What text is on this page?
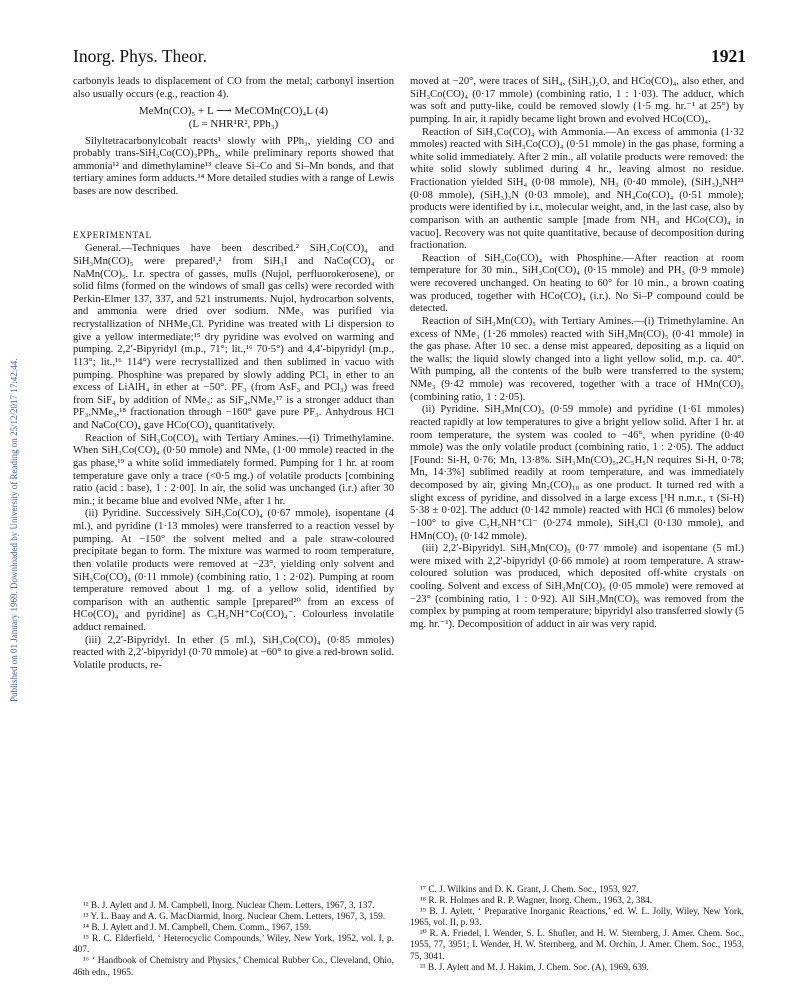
Published on 01 January 1969. Downloaded by University of Reading on 25/12/2017 17:42:44.
Inorg. Phys. Theor.	1921

carbonyls leads to displacement of CO from the metal; carbonyl insertion also usually occurs (e.g., reaction 4).

MeMn(CO)₅ + L ⟶ MeCOMn(CO)₄L (4)

(L = NHR¹R², PPh₃)

Silyltetracarbonylcobalt reacts¹ slowly with PPh₃, yielding CO and probably trans-SiH₃Co(CO)₃PPh₃, while preliminary reports showed that ammonia¹² and dimethylamine¹³ cleave Si–Co and Si–Mn bonds, and that tertiary amines form adducts.¹⁴ More detailed studies with a range of Lewis bases are now described.

EXPERIMENTAL

General.—Techniques have been described.² SiH₃Co(CO)₄ and SiH₃Mn(CO)₅ were prepared¹,² from SiH₃I and NaCo(CO)₄ or NaMn(CO)₅. I.r. spectra of gasses, mulls (Nujol, perfluorokerosene), or solid films (formed on the windows of small gas cells) were recorded with Perkin-Elmer 137, 337, and 521 instruments. Nujol, hydrocarbon solvents, and ammonia were dried over sodium. NMe₃ was purified via recrystallization of NHMe₃Cl. Pyridine was treated with Li dispersion to give a yellow intermediate;¹⁵ dry pyridine was evolved on warming and pumping. 2,2′-Bipyridyl (m.p., 71°; lit.,¹⁶ 70·5°) and 4,4′-bipyridyl (m.p., 113°; lit.,¹⁶ 114°) were recrystallized and then sublimed in vacuo with pumping. Phosphine was prepared by slowly adding PCl₃ in ether to an excess of LiAlH₄ in ether at −50°. PF₃ (from AsF₃ and PCl₃) was freed from SiF₄ by addition of NMe₃: as SiF₄,NMe₃¹⁷ is a stronger adduct than PF₃,NMe₃,¹⁸ fractionation through −160° gave pure PF₃. Anhydrous HCl and NaCo(CO)₄ gave HCo(CO)₄ quantitatively.

Reaction of SiH₃Co(CO)₄ with Tertiary Amines.—(i) Trimethylamine. When SiH₃Co(CO)₄ (0·50 mmole) and NMe₃ (1·00 mmole) reacted in the gas phase,¹⁹ a white solid immediately formed. Pumping for 1 hr. at room temperature gave only a trace (<0·5 mg.) of volatile products [combining ratio (acid : base), 1 : 2·00]. In air, the solid was unchanged (i.r.) after 30 min.; it became blue and evolved NMe₃ after 1 hr.

(ii) Pyridine. Successively SiH₃Co(CO)₄ (0·67 mmole), isopentane (4 ml.), and pyridine (1·13 mmoles) were transferred to a reaction vessel by pumping. At −150° the solvent melted and a pale straw-coloured precipitate began to form. The mixture was warmed to room temperature, then volatile products were removed at −23°, yielding only solvent and SiH₃Co(CO)₄ (0·11 mmole) (combining ratio, 1 : 2·02). Pumping at room temperature removed about 1 mg. of a yellow solid, identified by comparison with an authentic sample [prepared²⁰ from an excess of HCo(CO)₄ and pyridine] as C₅H₅NH⁺Co(CO)₄⁻. Colourless involatile adduct remained.

(iii) 2,2′-Bipyridyl. In ether (5 ml.), SiH₃Co(CO)₄ (0·85 mmoles) reacted with 2,2′-bipyridyl (0·70 mmole) at −60° to give a red-brown solid. Volatile products, re-

¹² B. J. Aylett and J. M. Campbell, Inorg. Nuclear Chem. Letters, 1967, 3, 137.

¹³ Y. L. Baay and A. G. MacDiarmid, Inorg. Nuclear Chem. Letters, 1967, 3, 159.

¹⁴ B. J. Aylett and J. M. Campbell, Chem. Comm., 1967, 159.

¹⁵ R. C. Elderfield, ‘ Heterocyclic Compounds,’ Wiley, New York, 1952, vol. I, p. 407.

¹⁶ ‘ Handbook of Chemistry and Physics,’ Chemical Rubber Co., Cleveland, Ohio, 46th edn., 1965.

moved at −20°, were traces of SiH₄, (SiH₃)₂O, and HCo(CO)₄, also ether, and SiH₃Co(CO)₄ (0·17 mmole) (combining ratio, 1 : 1·03). The adduct, which was soft and putty-like, could be removed slowly (1·5 mg. hr.⁻¹ at 25°) by pumping. In air, it rapidly became light brown and evolved HCo(CO)₄.

Reaction of SiH₃Co(CO)₄ with Ammonia.—An excess of ammonia (1·32 mmoles) reacted with SiH₃Co(CO)₄ (0·51 mmole) in the gas phase, forming a white solid immediately. After 2 min., all volatile products were removed: the white solid slowly sublimed during 4 hr., leaving almost no residue. Fractionation yielded SiH₄ (0·08 mmole), NH₃ (0·40 mmole), (SiH₃)₂NH²¹ (0·08 mmole), (SiH₃)₃N (0·03 mmole), and NH₄Co(CO)₄ (0·51 mmole); products were identified by i.r., molecular weight, and, in the last case, also by comparison with an authentic sample [made from NH₃ and HCo(CO)₄ in vacuo]. Recovery was not quite quantitative, because of decomposition during fractionation.

Reaction of SiH₃Co(CO)₄ with Phosphine.—After reaction at room temperature for 30 min., SiH₃Co(CO)₄ (0·15 mmole) and PH₃ (0·9 mmole) were recovered unchanged. On heating to 60° for 10 min., a brown coating was produced, together with HCo(CO)₄ (i.r.). No Si–P compound could be detected.

Reaction of SiH₃Mn(CO)₅ with Tertiary Amines.—(i) Trimethylamine. An excess of NMe₃ (1·26 mmoles) reacted with SiH₃Mn(CO)₅ (0·41 mmole) in the gas phase. After 10 sec. a dense mist appeared, depositing as a liquid on the walls; the liquid slowly changed into a light yellow solid, m.p. ca. 40°. With pumping, all the contents of the bulb were transferred to the system; NMe₃ (9·42 mmole) was recovered, together with a trace of HMn(CO)₅ (combining ratio, 1 : 2·05).

(ii) Pyridine. SiH₃Mn(CO)₅ (0·59 mmole) and pyridine (1·61 mmoles) reacted rapidly at low temperatures to give a bright yellow solid. After 1 hr. at room temperature, the system was cooled to −46°, when pyridine (0·40 mmole) was the only volatile product (combining ratio, 1 : 2·05). The adduct [Found: Si-H, 0·76; Mn, 13·8%. SiH₃Mn(CO)₅,2C₅H₅N requires Si-H, 0·78; Mn, 14·3%] sublimed readily at room temperature, and was immediately decomposed by air, giving Mn₂(CO)₁₀ as one product. It turned red with a slight excess of pyridine, and dissolved in a large excess [¹H n.m.r., τ (Si-H) 5·38 ± 0·02]. The adduct (0·142 mmole) reacted with HCl (6 mmoles) below −100° to give C₅H₅NH⁺Cl⁻ (0·274 mmole), SiH₃Cl (0·130 mmole), and HMn(CO)₅ (0·142 mmole).

(iii) 2,2′-Bipyridyl. SiH₃Mn(CO)₅ (0·77 mmole) and isopentane (5 ml.) were mixed with 2,2′-bipyridyl (0·66 mmole) at room temperature. A straw-coloured solution was produced, which deposited off-white crystals on cooling. Solvent and excess of SiH₃Mn(CO)₅ (0·05 mmole) were removed at −23° (combining ratio, 1 : 0·92). All SiH₃Mn(CO)₅ was removed from the complex by pumping at room temperature; bipyridyl also transferred slowly (5 mg. hr.⁻¹). Decomposition of adduct in air was very rapid.

¹⁷ C. J. Wilkins and D. K. Grant, J. Chem. Soc., 1953, 927.

¹⁸ R. R. Holmes and R. P. Wagner, Inorg. Chem., 1963, 2, 384.

¹⁹ B. J. Aylett, ‘ Preparative Inorganic Reactions,’ ed. W. L. Jolly, Wiley, New York, 1965, vol. II, p. 93.

²⁰ R. A. Friedel, I. Wender, S. L. Shufler, and H. W. Sternberg, J. Amer. Chem. Soc., 1955, 77, 3951; I. Wender, H. W. Sternberg, and M. Orchin, J. Amer. Chem. Soc., 1953, 75, 3041.

²¹ B. J. Aylett and M. J. Hakim, J. Chem. Soc. (A), 1969, 639.
